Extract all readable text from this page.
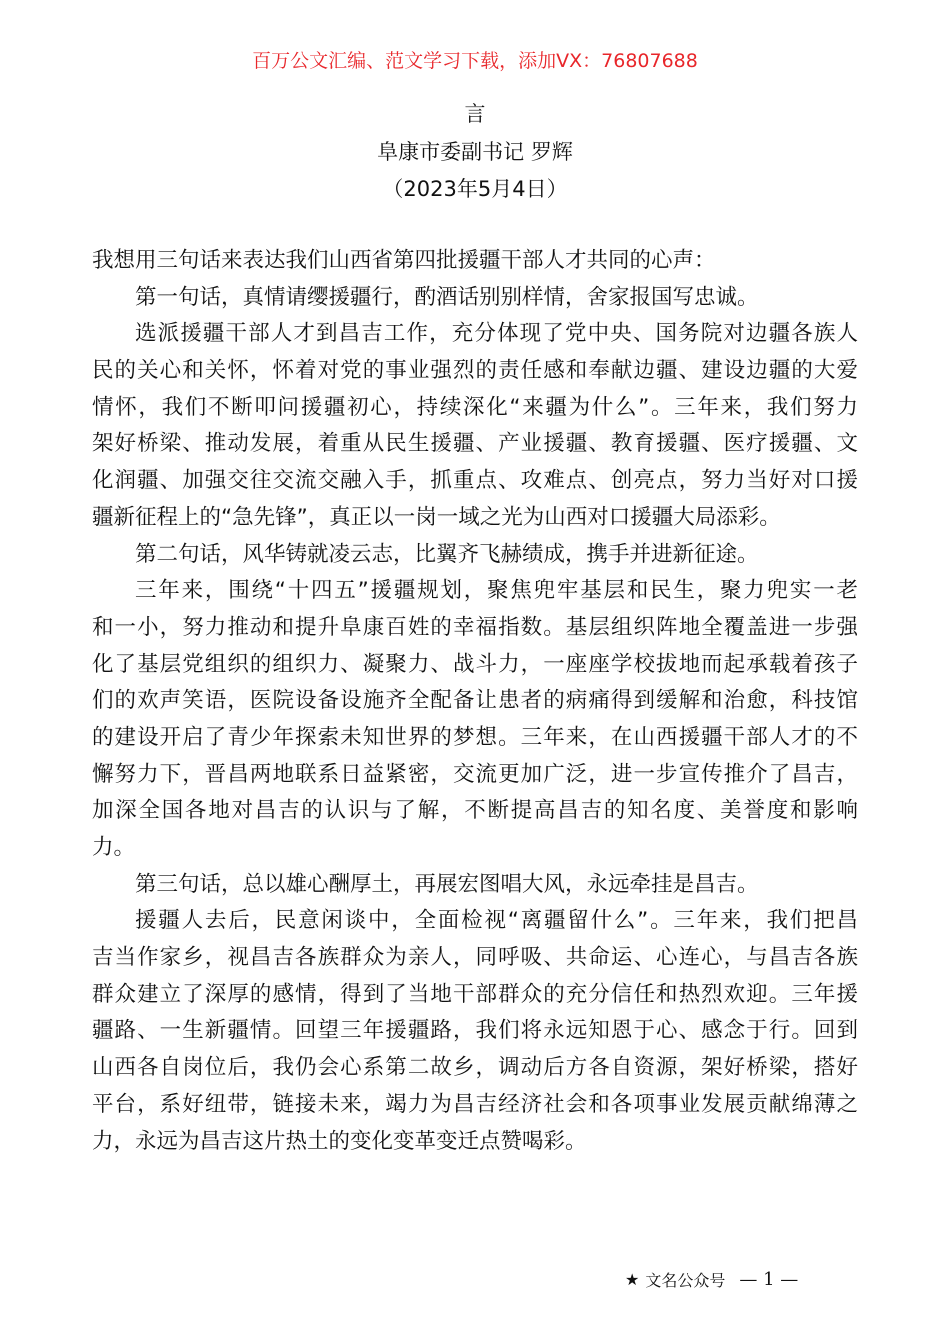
百万公文汇编、范文学习下载，添加VX：76807688
言
阜康市委副书记 罗辉
（2023年5月4日）
我想用三句话来表达我们山西省第四批援疆干部人才共同的心声：
第一句话，真情请缨援疆行，酌酒话别别样情，舍家报国写忠诚。
选派援疆干部人才到昌吉工作，充分体现了党中央、国务院对边疆各族人
民的关心和关怀，怀着对党的事业强烈的责任感和奉献边疆、建设边疆的大爱
情怀，我们不断叩问援疆初心，持续深化“来疆为什么”。三年来，我们努力
架好桥梁、推动发展，着重从民生援疆、产业援疆、教育援疆、医疗援疆、文
化润疆、加强交往交流交融入手，抓重点、攻难点、创亮点，努力当好对口援
疆新征程上的“急先锋”，真正以一岗一域之光为山西对口援疆大局添彩。
第二句话，风华铸就凌云志，比翼齐飞赫绩成，携手并进新征途。
三年来，围绕“十四五”援疆规划，聚焦兜牢基层和民生，聚力兜实一老
和一小，努力推动和提升阜康百姓的幸福指数。基层组织阵地全覆盖进一步强
化了基层党组织的组织力、凝聚力、战斗力，一座座学校拔地而起承载着孩子
们的欢声笑语，医院设备设施齐全配备让患者的病痛得到缓解和治愈，科技馆
的建设开启了青少年探索未知世界的梦想。三年来，在山西援疆干部人才的不
懈努力下，晋昌两地联系日益紧密，交流更加广泛，进一步宣传推介了昌吉，
加深全国各地对昌吉的认识与了解，不断提高昌吉的知名度、美誉度和影响
力。
第三句话，总以雄心酬厚土，再展宏图唱大风，永远牵挂是昌吉。
援疆人去后，民意闲谈中，全面检视“离疆留什么”。三年来，我们把昌
吉当作家乡，视昌吉各族群众为亲人，同呼吸、共命运、心连心，与昌吉各族
群众建立了深厚的感情，得到了当地干部群众的充分信任和热烈欢迎。三年援
疆路、一生新疆情。回望三年援疆路，我们将永远知恩于心、感念于行。回到
山西各自岗位后，我仍会心系第二故乡，调动后方各自资源，架好桥梁，搭好
平台，系好纽带，链接未来，竭力为昌吉经济社会和各项事业发展贡献绵薄之
力，永远为昌吉这片热土的变化变革变迁点赞喝彩。
★ 文名公众号 — 1 —
